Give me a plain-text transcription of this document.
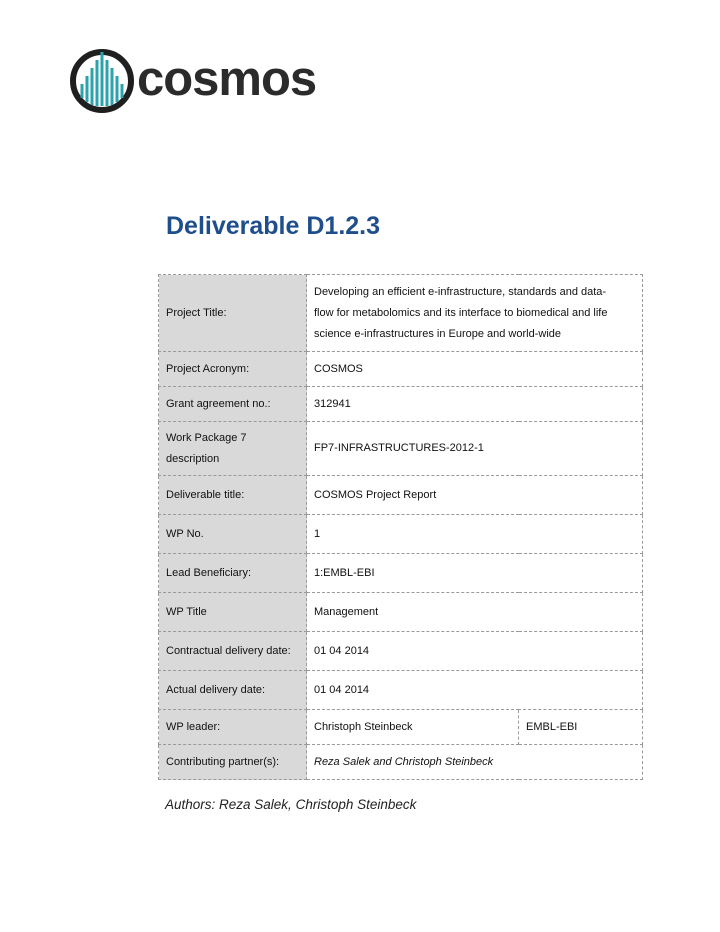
cosmos
Deliverable D1.2.3
Project Title:	Developing an efficient e-infrastructure, standards and data-
flow for metabolomics and its interface to biomedical and life
science e-infrastructures in Europe and world-wide	

Project Acronym:	COSMOS	
Grant agreement no.:	312941	

Work Package 7
description	FP7-INFRASTRUCTURES-2012-1	
Deliverable title:	COSMOS Project Report	
WP No.	1	
Lead Beneficiary:	1:EMBL-EBI	
WP Title	Management	
Contractual delivery date:	01 04 2014	
Actual delivery date:	01 04 2014	
WP leader:	Christoph Steinbeck	EMBL-EBI
Contributing partner(s):	Reza Salek and Christoph Steinbeck	
Authors: Reza Salek, Christoph Steinbeck
